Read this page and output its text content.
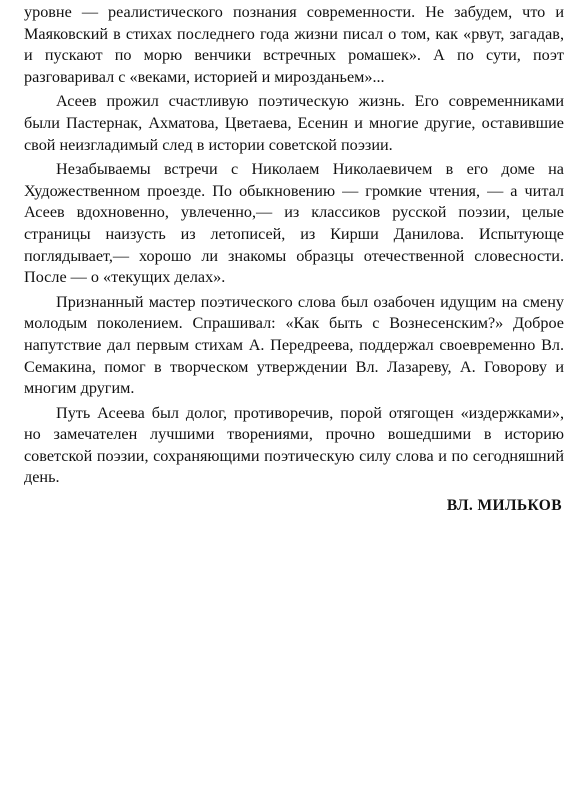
уровне — реалистического познания современности. Не забудем, что и Маяковский в стихах последнего года жизни писал о том, как «рвут, загадав, и пускают по морю венчики встречных ромашек». А по сути, поэт разговаривал с «веками, историей и мирозданьем»...

Асеев прожил счастливую поэтическую жизнь. Его современниками были Пастернак, Ахматова, Цветаева, Есенин и многие другие, оставившие свой неизгладимый след в истории советской поэзии.

Незабываемы встречи с Николаем Николаевичем в его доме на Художественном проезде. По обыкновению — громкие чтения, — а читал Асеев вдохновенно, увлеченно,— из классиков русской поэзии, целые страницы наизусть из летописей, из Кирши Данилова. Испытующе поглядывает,— хорошо ли знакомы образцы отечественной словесности. После — о «текущих делах».

Признанный мастер поэтического слова был озабочен идущим на смену молодым поколением. Спрашивал: «Как быть с Вознесенским?» Доброе напутствие дал первым стихам А. Передреева, поддержал своевременно Вл. Семакина, помог в творческом утверждении Вл. Лазареву, А. Говорову и многим другим.

Путь Асеева был долог, противоречив, порой отягощен «издержками», но замечателен лучшими творениями, прочно вошедшими в историю советской поэзии, сохраняющими поэтическую силу слова и по сегодняшний день.

ВЛ. МИЛЬКОВ
